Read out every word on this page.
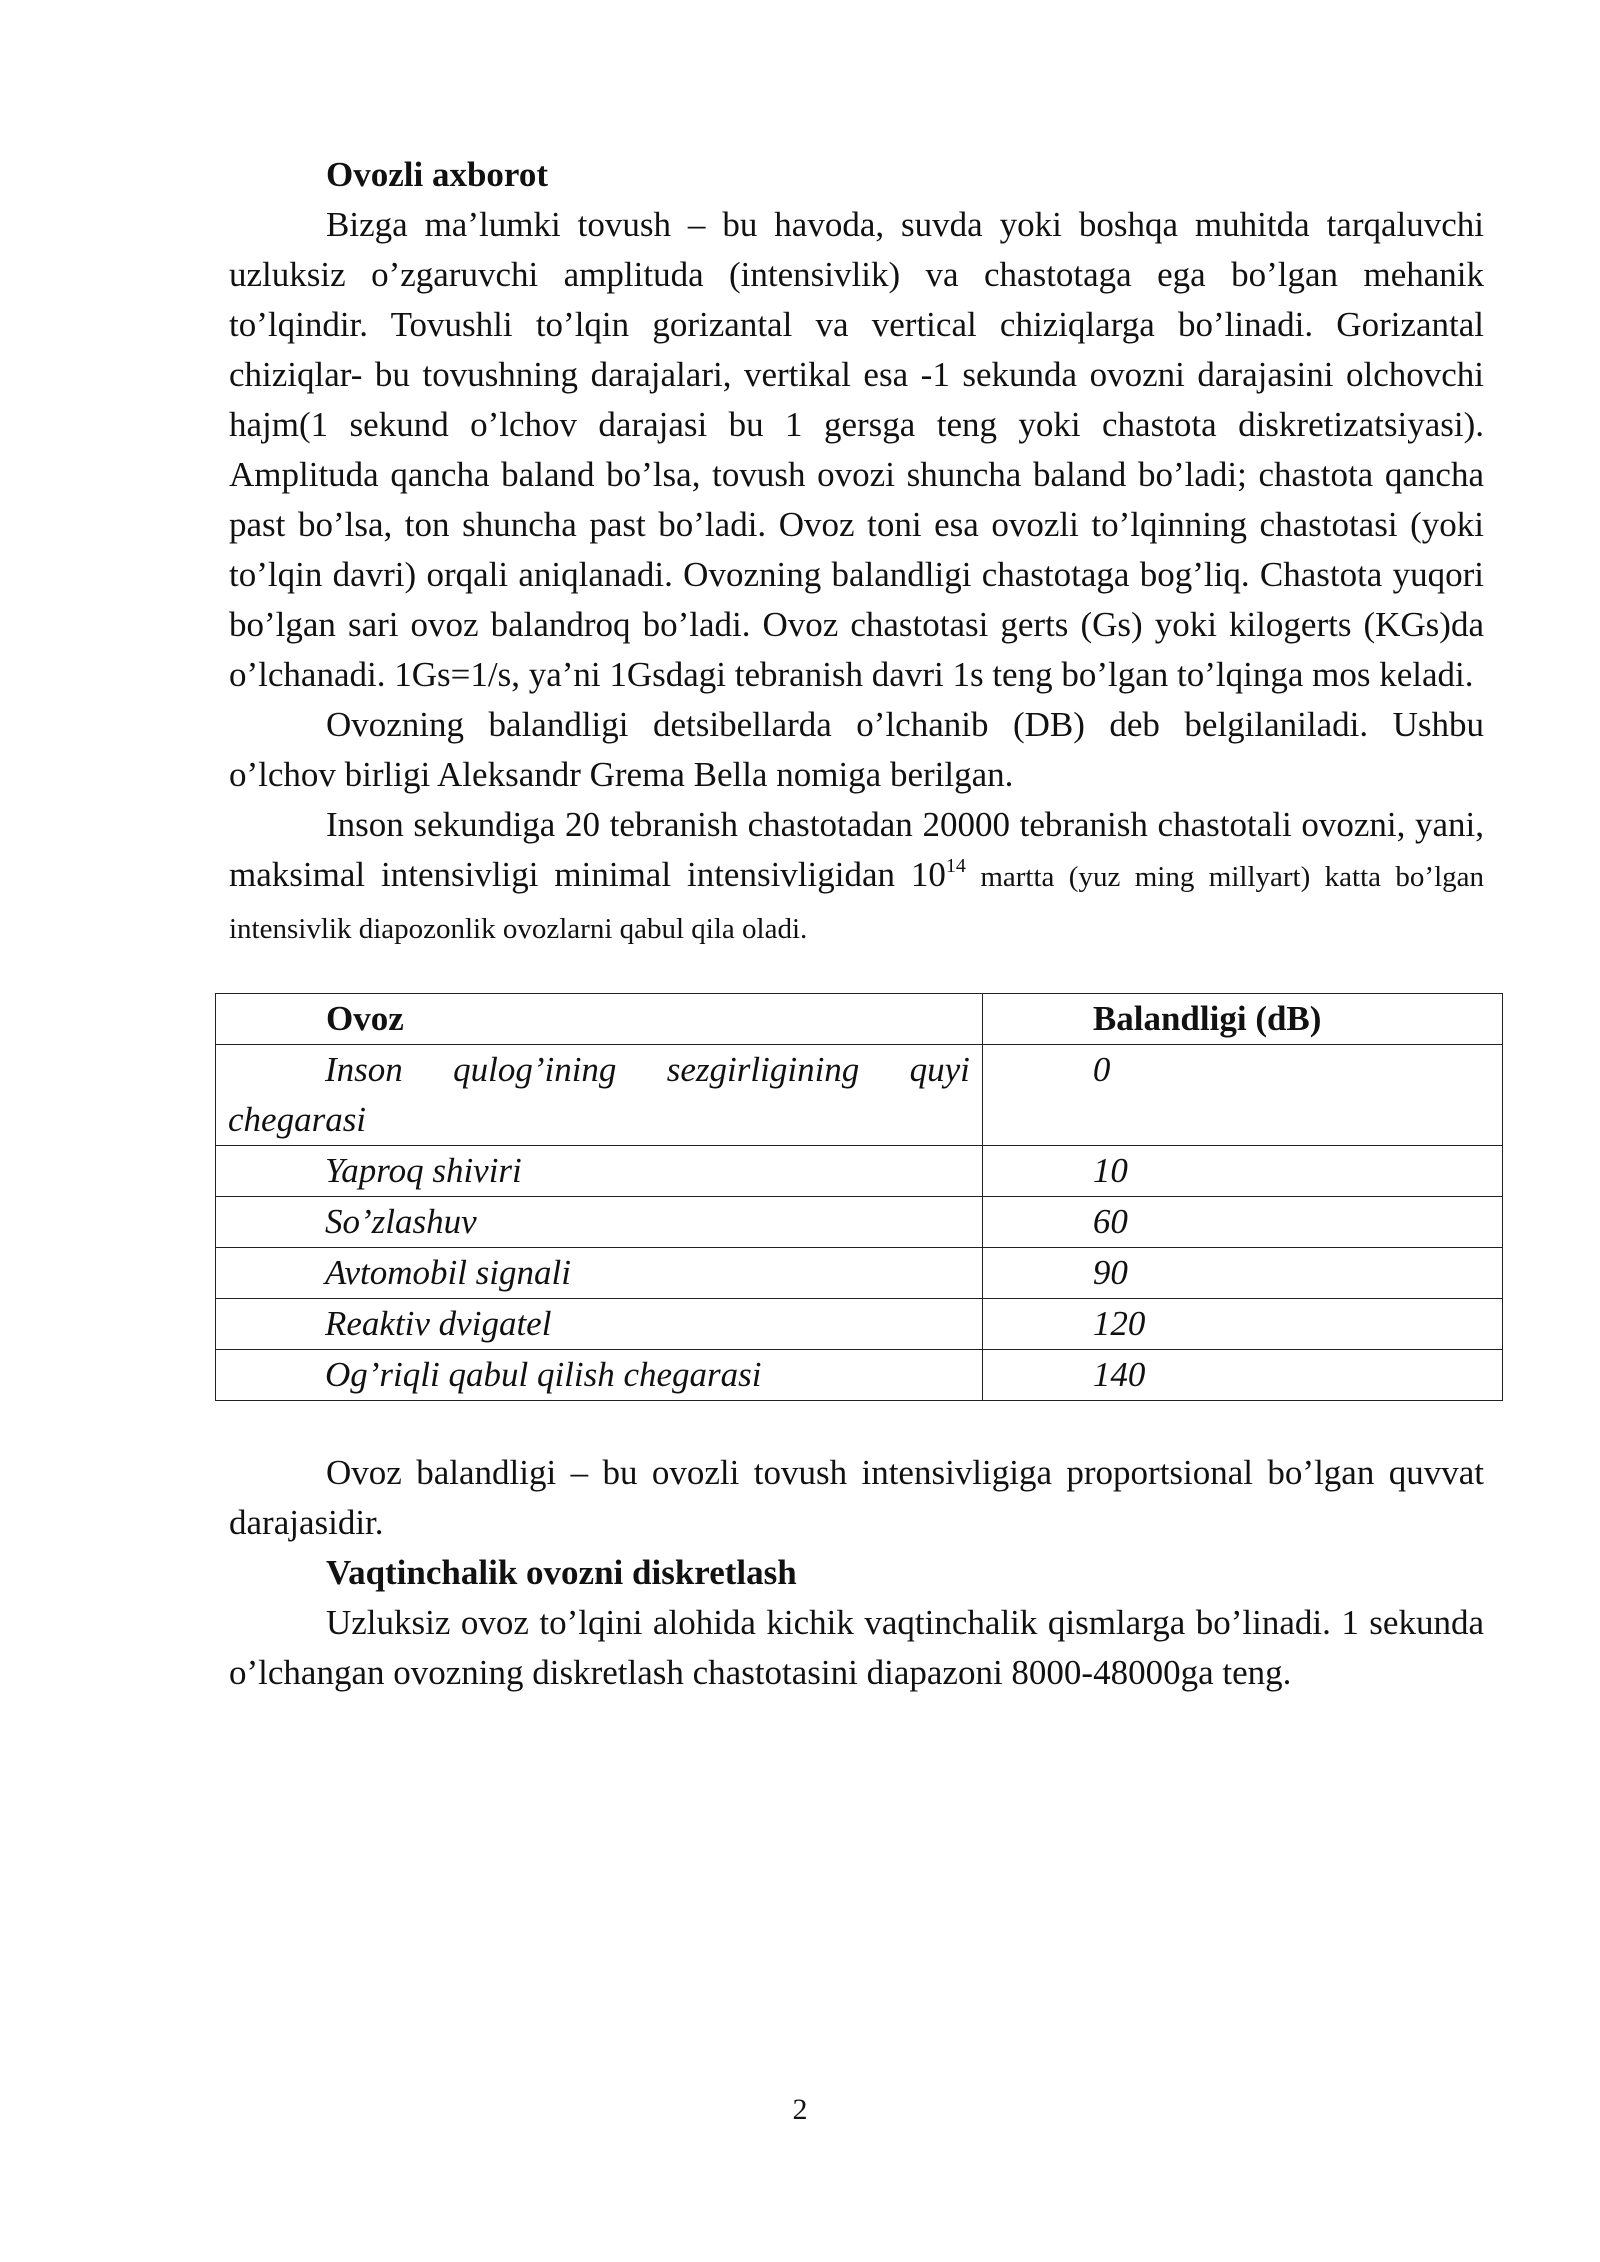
Ovozli axborot

Bizga ma’lumki tovush – bu havoda, suvda yoki boshqa muhitda tarqaluvchi uzluksiz o’zgaruvchi amplituda (intensivlik) va chastotaga ega bo’lgan mehanik to’lqindir. Tovushli to’lqin gorizantal va vertical chiziqlarga bo’linadi. Gorizantal chiziqlar- bu tovushning darajalari, vertikal esa -1 sekunda ovozni darajasini olchovchi hajm(1 sekund o’lchov darajasi bu 1 gersga teng yoki chastota diskretizatsiyasi). Amplituda qancha baland bo’lsa, tovush ovozi shuncha baland bo’ladi; chastota qancha past bo’lsa, ton shuncha past bo’ladi. Ovoz toni esa ovozli to’lqinning chastotasi (yoki to’lqin davri) orqali aniqlanadi. Ovozning balandligi chastotaga bog’liq. Chastota yuqori bo’lgan sari ovoz balandroq bo’ladi. Ovoz chastotasi gerts (Gs) yoki kilogerts (KGs)da o’lchanadi. 1Gs=1/s, ya’ni 1Gsdagi tebranish davri 1s teng bo’lgan to’lqinga mos keladi.

Ovozning balandligi detsibellarda o’lchanib (DB) deb belgilaniladi. Ushbu o’lchov birligi Aleksandr Grema Bella nomiga berilgan.

Inson sekundiga 20 tebranish chastotadan 20000 tebranish chastotali ovozni, yani, maksimal intensivligi minimal intensivligidan $10^{14}$ martta (yuz ming millyart) katta bo’lgan intensivlik diapozonlik ovozlarni qabul qila oladi.

Ovoz	Balandligi (dB)
Inson qulog’ining sezgirligining quyi chegarasi	0
Yaproq shiviri	10
So’zlashuv	60
Avtomobil signali	90
Reaktiv dvigatel	120
Og’riqli qabul qilish chegarasi	140

Ovoz balandligi – bu ovozli tovush intensivligiga proportsional bo’lgan quvvat darajasidir.

Vaqtinchalik ovozni diskretlash

Uzluksiz ovoz to’lqini alohida kichik vaqtinchalik qismlarga bo’linadi. 1 sekunda o’lchangan ovozning diskretlash chastotasini diapazoni 8000-48000ga teng.

2
